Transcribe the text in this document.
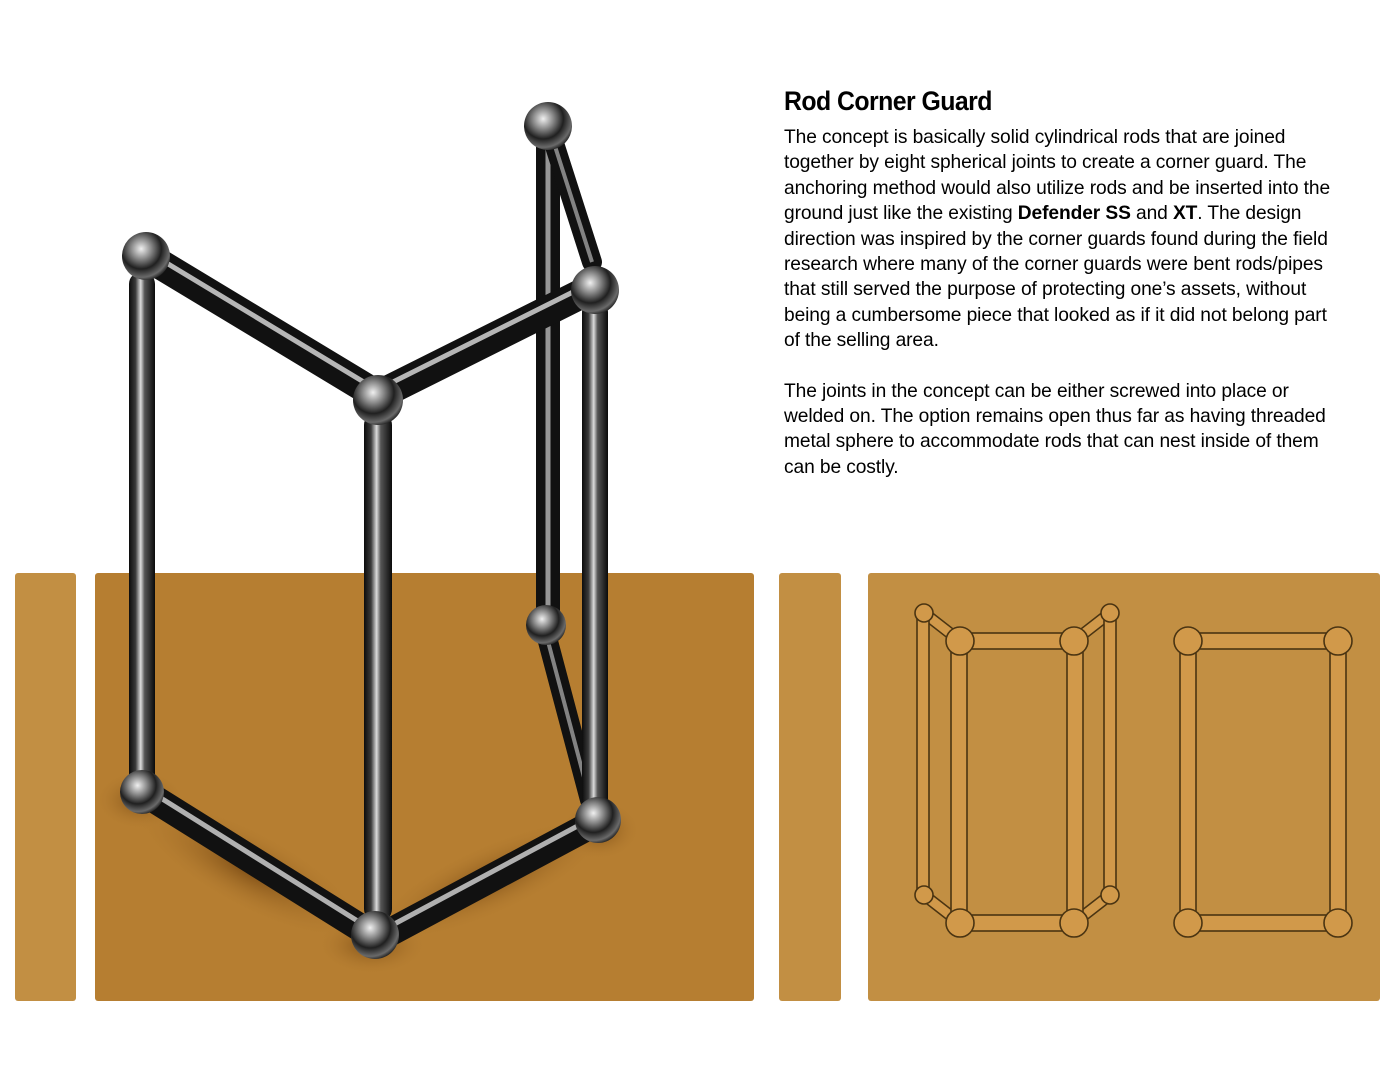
Rod Corner Guard

The concept is basically solid cylindrical rods that are joined together by eight spherical joints to create a corner guard. The anchoring method would also utilize rods and be inserted into the ground just like the existing Defender SS and XT. The design direction was inspired by the corner guards found during the field research where many of the corner guards were bent rods/pipes that still served the purpose of protecting one’s assets, without being a cumbersome piece that looked as if it did not belong part of the selling area.

The joints in the concept can be either screwed into place or welded on. The option remains open thus far as having threaded metal sphere to accommodate rods that can nest inside of them can be costly.
